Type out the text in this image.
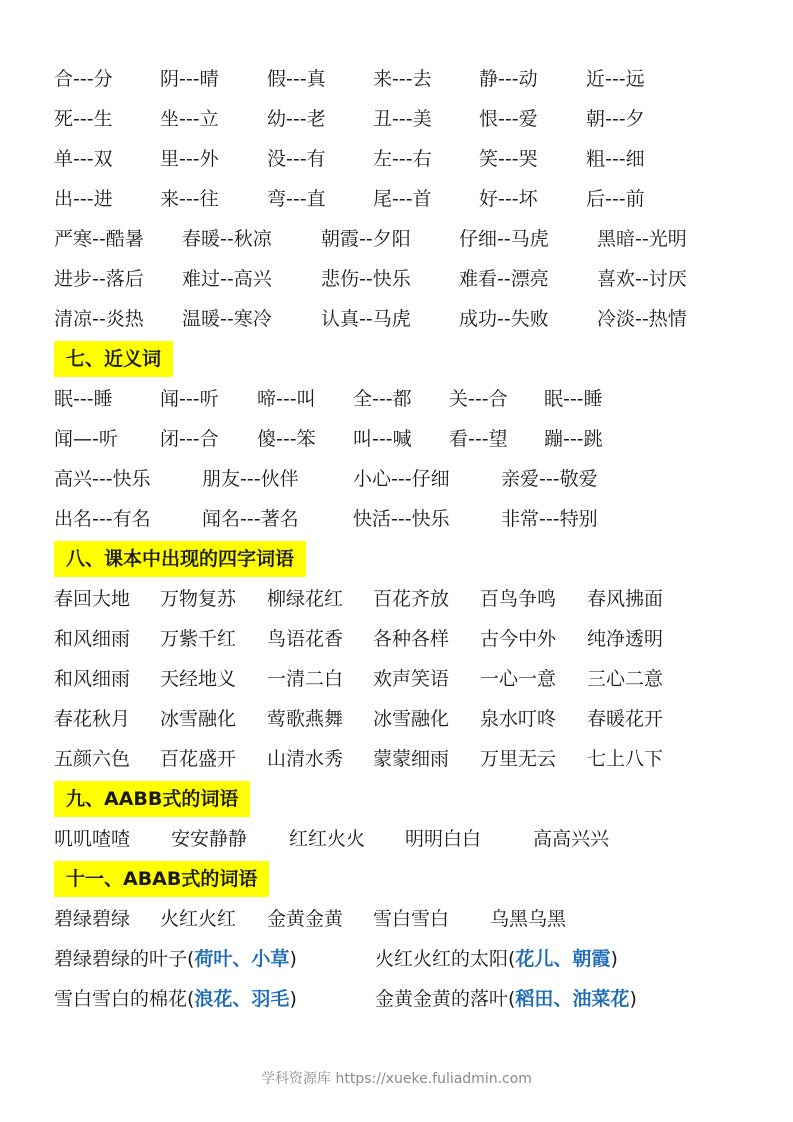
合---分 阴---晴	假---真 来---去 静---动	近---远
死---生 坐---立	幼---老 丑---美 恨---爱	朝---夕
单---双 里---外	没---有 左---右 笑---哭	粗---细
出---进 来---往	弯---直 尾---首 好---坏	后---前
严寒--酷暑 春暖--秋凉	朝霞--夕阳	仔细--马虎	黑暗--光明
进步--落后 难过--高兴	悲伤--快乐	难看--漂亮	喜欢--讨厌
清凉--炎热 温暖--寒冷	认真--马虎	成功--失败	冷淡--热情
七、近义词
眠---睡 闻---听 啼---叫 全---都 关---合 眠---睡
闻—-听 闭---合 傻---笨 叫---喊 看---望 蹦---跳
高兴---快乐	朋友---伙伴	小心---仔细	亲爱---敬爱
出名---有名	闻名---著名	快活---快乐	非常---特别
八、课本中出现的四字词语
春回大地 万物复苏 柳绿花红 百花齐放 百鸟争鸣 春风拂面
和风细雨 万紫千红 鸟语花香 各种各样 古今中外 纯净透明
和风细雨 天经地义 一清二白 欢声笑语 一心一意 三心二意
春花秋月 冰雪融化 莺歌燕舞 冰雪融化 泉水叮咚 春暖花开
五颜六色 百花盛开 山清水秀 蒙蒙细雨 万里无云 七上八下
九、AABB式的词语
叽叽喳喳 安安静静 红红火火 明明白白	高高兴兴
十一、ABAB式的词语
碧绿碧绿 火红火红 金黄金黄 雪白雪白 乌黑乌黑
碧绿碧绿的叶子(荷叶、小草)	火红火红的太阳(花儿、朝霞)
雪白雪白的棉花(浪花、羽毛)	金黄金黄的落叶(稻田、油菜花)
学科资源库 https://xueke.fuliadmin.com
